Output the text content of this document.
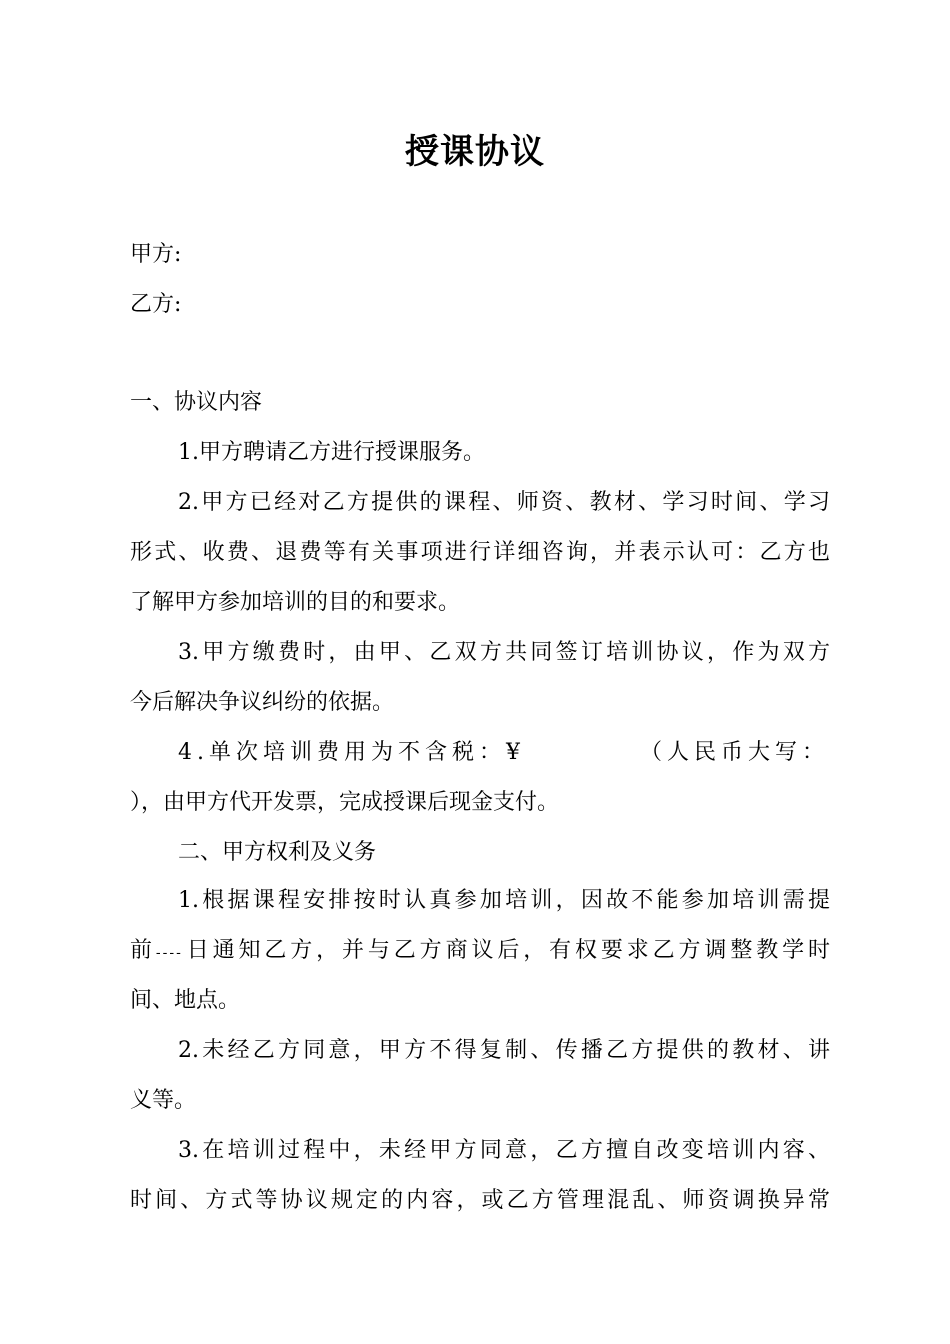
授课协议
甲方:
乙方:
一、协议内容
1.甲方聘请乙方进行授课服务。
2.甲方已经对乙方提供的课程、师资、教材、学习时间、学习
形式、收费、退费等有关事项进行详细咨询，并表示认可：乙方也
了解甲方参加培训的目的和要求。
3.甲方缴费时，由甲、乙双方共同签订培训协议，作为双方
今后解决争议纠纷的依据。
4.单次培训费用为不含税：¥	（人民币大写：
），由甲方代开发票，完成授课后现金支付。
二、甲方权利及义务
1.根据课程安排按时认真参加培训，因故不能参加培训需提
前----日通知乙方，并与乙方商议后，有权要求乙方调整教学时
间、地点。
2.未经乙方同意，甲方不得复制、传播乙方提供的教材、讲
义等。
3.在培训过程中，未经甲方同意，乙方擅自改变培训内容、
时间、方式等协议规定的内容，或乙方管理混乱、师资调换异常
